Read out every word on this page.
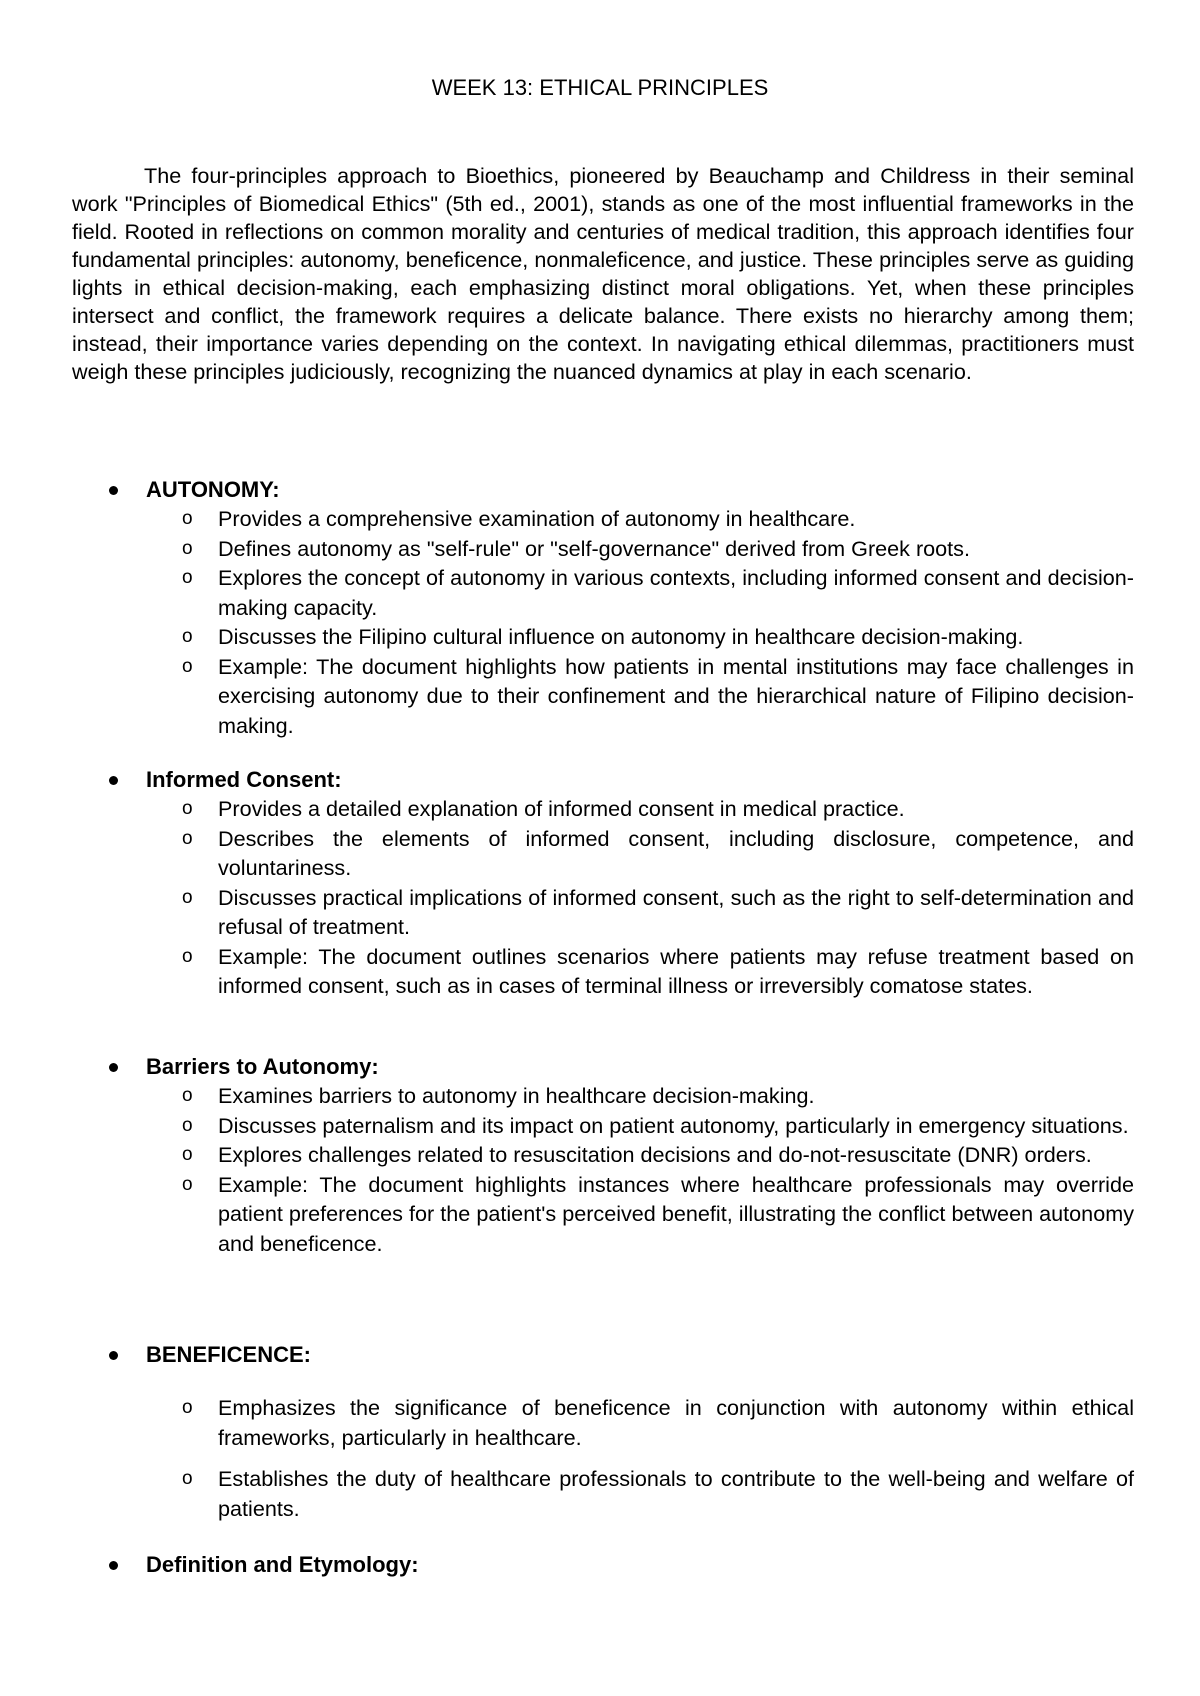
WEEK 13: ETHICAL PRINCIPLES

The four-principles approach to Bioethics, pioneered by Beauchamp and Childress in their seminal work "Principles of Biomedical Ethics" (5th ed., 2001), stands as one of the most influential frameworks in the field. Rooted in reflections on common morality and centuries of medical tradition, this approach identifies four fundamental principles: autonomy, beneficence, nonmaleficence, and justice. These principles serve as guiding lights in ethical decision-making, each emphasizing distinct moral obligations. Yet, when these principles intersect and conflict, the framework requires a delicate balance. There exists no hierarchy among them; instead, their importance varies depending on the context. In navigating ethical dilemmas, practitioners must weigh these principles judiciously, recognizing the nuanced dynamics at play in each scenario.

AUTONOMY:
o Provides a comprehensive examination of autonomy in healthcare.
o Defines autonomy as "self-rule" or "self-governance" derived from Greek roots.
o Explores the concept of autonomy in various contexts, including informed consent and decision-making capacity.
o Discusses the Filipino cultural influence on autonomy in healthcare decision-making.
o Example: The document highlights how patients in mental institutions may face challenges in exercising autonomy due to their confinement and the hierarchical nature of Filipino decision-making.
Informed Consent:
o Provides a detailed explanation of informed consent in medical practice.
o Describes the elements of informed consent, including disclosure, competence, and voluntariness.
o Discusses practical implications of informed consent, such as the right to self-determination and refusal of treatment.
o Example: The document outlines scenarios where patients may refuse treatment based on informed consent, such as in cases of terminal illness or irreversibly comatose states.
Barriers to Autonomy:
o Examines barriers to autonomy in healthcare decision-making.
o Discusses paternalism and its impact on patient autonomy, particularly in emergency situations.
o Explores challenges related to resuscitation decisions and do-not-resuscitate (DNR) orders.
o Example: The document highlights instances where healthcare professionals may override patient preferences for the patient's perceived benefit, illustrating the conflict between autonomy and beneficence.
BENEFICENCE:
o Emphasizes the significance of beneficence in conjunction with autonomy within ethical frameworks, particularly in healthcare.
o Establishes the duty of healthcare professionals to contribute to the well-being and welfare of patients.
Definition and Etymology:
